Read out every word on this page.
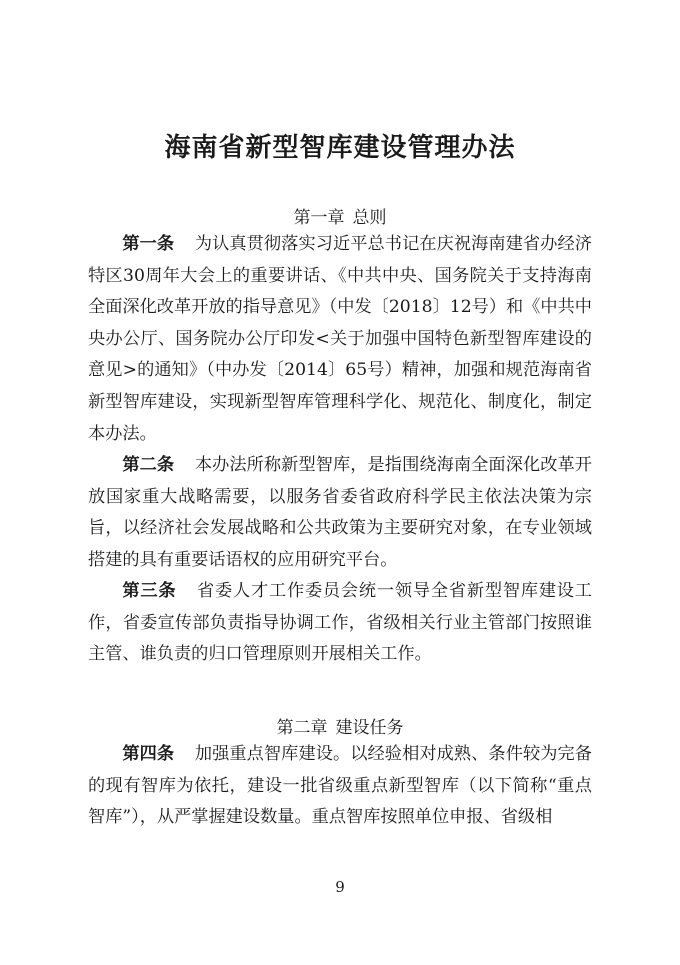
海南省新型智库建设管理办法
第一章 总则

第一条 为认真贯彻落实习近平总书记在庆祝海南建省办经济特区30周年大会上的重要讲话、《中共中央、国务院关于支持海南全面深化改革开放的指导意见》（中发〔2018〕12号）和《中共中央办公厅、国务院办公厅印发<关于加强中国特色新型智库建设的意见>的通知》（中办发〔2014〕65号）精神，加强和规范海南省新型智库建设，实现新型智库管理科学化、规范化、制度化，制定本办法。

第二条 本办法所称新型智库，是指围绕海南全面深化改革开放国家重大战略需要，以服务省委省政府科学民主依法决策为宗旨，以经济社会发展战略和公共政策为主要研究对象，在专业领域搭建的具有重要话语权的应用研究平台。

第三条 省委人才工作委员会统一领导全省新型智库建设工作，省委宣传部负责指导协调工作，省级相关行业主管部门按照谁主管、谁负责的归口管理原则开展相关工作。

第二章 建设任务

第四条 加强重点智库建设。以经验相对成熟、条件较为完备的现有智库为依托，建设一批省级重点新型智库（以下简称“重点智库”），从严掌握建设数量。重点智库按照单位申报、省级相

9
